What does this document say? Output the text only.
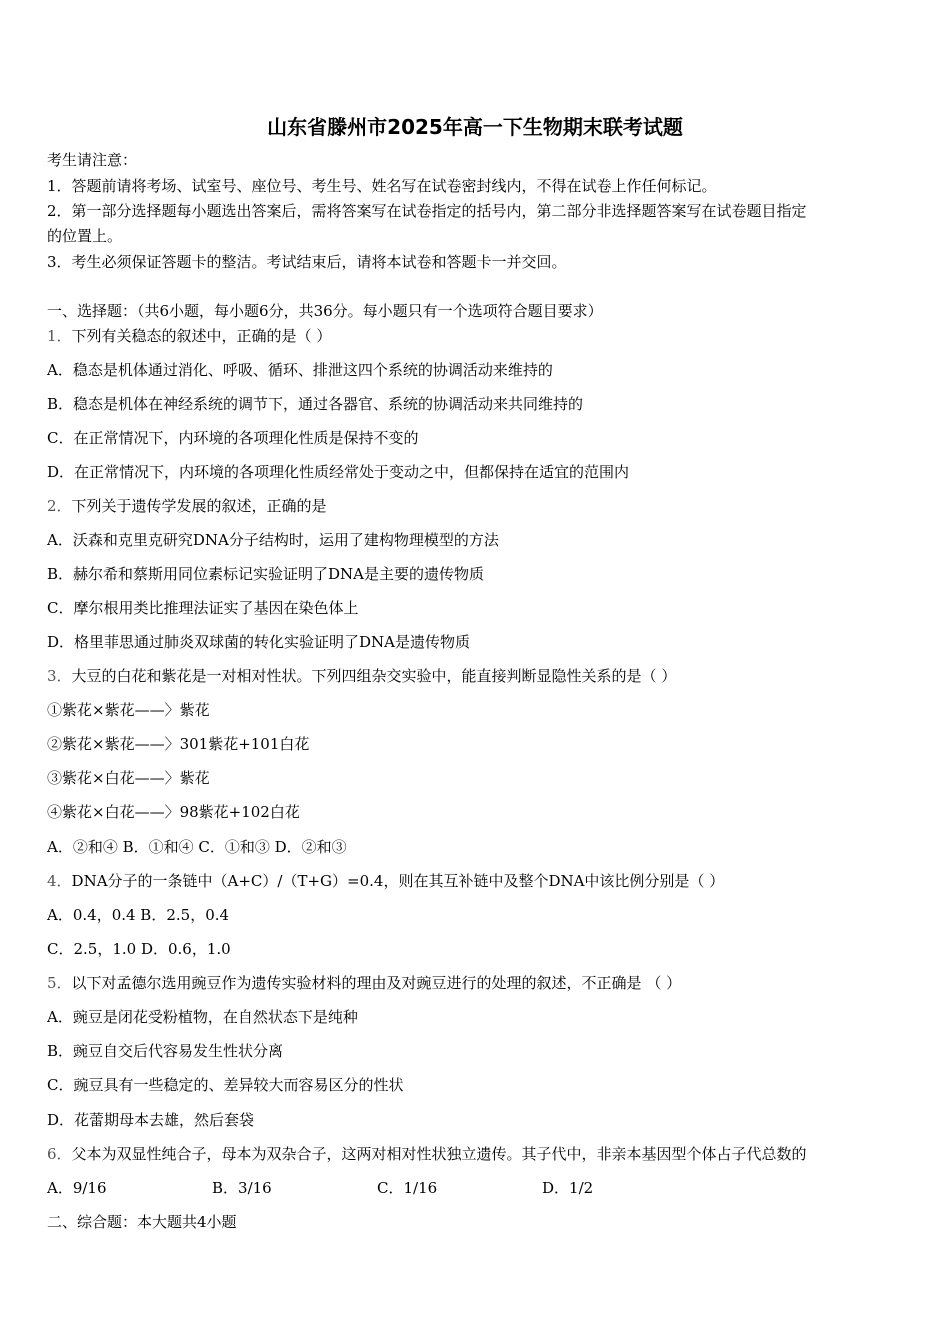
山东省滕州市2025年高一下生物期末联考试题
考生请注意：
1．答题前请将考场、试室号、座位号、考生号、姓名写在试卷密封线内，不得在试卷上作任何标记。
2．第一部分选择题每小题选出答案后，需将答案写在试卷指定的括号内，第二部分非选择题答案写在试卷题目指定
的位置上。
3．考生必须保证答题卡的整洁。考试结束后，请将本试卷和答题卡一并交回。
一、选择题：（共6小题，每小题6分，共36分。每小题只有一个选项符合题目要求）
1．下列有关稳态的叙述中，正确的是（ ）
A．稳态是机体通过消化、呼吸、循环、排泄这四个系统的协调活动来维持的
B．稳态是机体在神经系统的调节下，通过各器官、系统的协调活动来共同维持的
C．在正常情况下，内环境的各项理化性质是保持不变的
D．在正常情况下，内环境的各项理化性质经常处于变动之中，但都保持在适宜的范围内
2．下列关于遗传学发展的叙述，正确的是
A．沃森和克里克研究DNA分子结构时，运用了建构物理模型的方法
B．赫尔希和蔡斯用同位素标记实验证明了DNA是主要的遗传物质
C．摩尔根用类比推理法证实了基因在染色体上
D．格里菲思通过肺炎双球菌的转化实验证明了DNA是遗传物质
3．大豆的白花和紫花是一对相对性状。下列四组杂交实验中，能直接判断显隐性关系的是（ ）
①紫花×紫花——〉紫花
②紫花×紫花——〉301紫花+101白花
③紫花×白花——〉紫花
④紫花×白花——〉98紫花+102白花
A．②和④ B．①和④ C．①和③ D．②和③
4．DNA分子的一条链中（A+C）/（T+G）=0.4，则在其互补链中及整个DNA中该比例分别是（ ）
A．0.4，0.4 B．2.5，0.4
C．2.5，1.0 D．0.6，1.0
5．以下对孟德尔选用豌豆作为遗传实验材料的理由及对豌豆进行的处理的叙述，不正确是 （ ）
A．豌豆是闭花受粉植物，在自然状态下是纯种
B．豌豆自交后代容易发生性状分离
C．豌豆具有一些稳定的、差异较大而容易区分的性状
D．花蕾期母本去雄，然后套袋
6．父本为双显性纯合子，母本为双杂合子，这两对相对性状独立遗传。其子代中，非亲本基因型个体占子代总数的
A．9/16	B．3/16	C．1/16	D．1/2
二、综合题：本大题共4小题
